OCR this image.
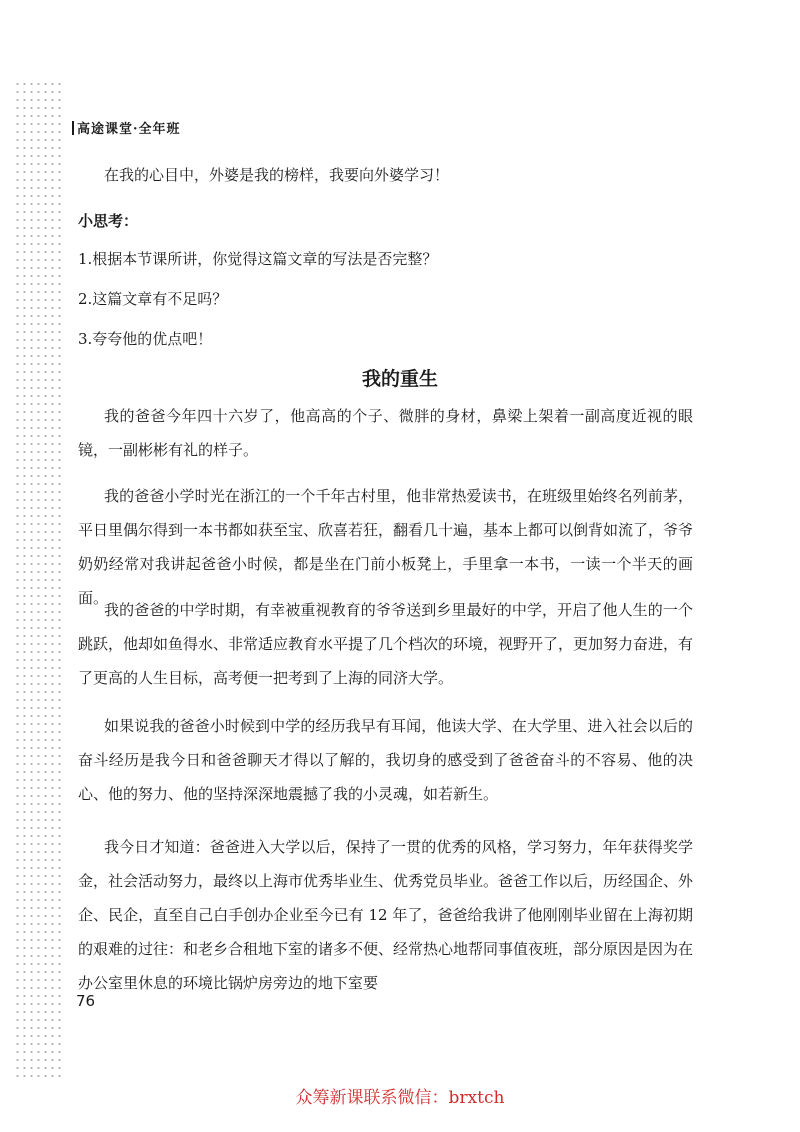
高途课堂·全年班
在我的心目中，外婆是我的榜样，我要向外婆学习！
小思考：
1.根据本节课所讲，你觉得这篇文章的写法是否完整？
2.这篇文章有不足吗？
3.夸夸他的优点吧！
我的重生

我的爸爸今年四十六岁了，他高高的个子、微胖的身材，鼻梁上架着一副高度近视的眼镜，一副彬彬有礼的样子。

我的爸爸小学时光在浙江的一个千年古村里，他非常热爱读书，在班级里始终名列前茅，平日里偶尔得到一本书都如获至宝、欣喜若狂，翻看几十遍，基本上都可以倒背如流了，爷爷奶奶经常对我讲起爸爸小时候，都是坐在门前小板凳上，手里拿一本书，一读一个半天的画面。

我的爸爸的中学时期，有幸被重视教育的爷爷送到乡里最好的中学，开启了他人生的一个跳跃，他却如鱼得水、非常适应教育水平提了几个档次的环境，视野开了，更加努力奋进，有了更高的人生目标，高考便一把考到了上海的同济大学。

如果说我的爸爸小时候到中学的经历我早有耳闻，他读大学、在大学里、进入社会以后的奋斗经历是我今日和爸爸聊天才得以了解的，我切身的感受到了爸爸奋斗的不容易、他的决心、他的努力、他的坚持深深地震撼了我的小灵魂，如若新生。

我今日才知道：爸爸进入大学以后，保持了一贯的优秀的风格，学习努力，年年获得奖学金，社会活动努力，最终以上海市优秀毕业生、优秀党员毕业。爸爸工作以后，历经国企、外企、民企，直至自己白手创办企业至今已有 12 年了，爸爸给我讲了他刚刚毕业留在上海初期的艰难的过往：和老乡合租地下室的诸多不便、经常热心地帮同事值夜班，部分原因是因为在办公室里休息的环境比锅炉房旁边的地下室要

76
众筹新课联系微信：brxtch
